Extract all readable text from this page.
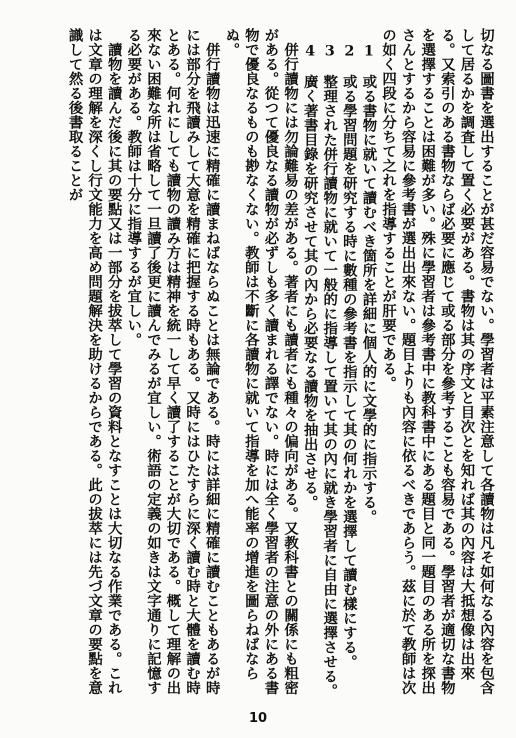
切なる圖書を選出することが甚だ容易でない。學習者は平素注意して各讀物は凡そ如何なる內容を包含して居るかを調査して置く必要がある。書物は其の序文と目次とを知れば其の內容は大抵想像は出來る。又索引のある書物ならば必要に應じて或る部分を參考することも容易である。學習者が適切な書物を選擇することは困難が多い。殊に學習者は參考書中に教科書中にある題目と同一題目のある所を探出さんとするから容易に參考書が選出出來ない。題目よりも內容に依るべきであらう。茲に於て教師は次の如く四段に分ちて之れを指導することが肝要である。

　1　或る書物に就いて讀むべき箇所を詳細に個人的に文學的に指示する。

　2　或る學習問題を研究する時に數種の參考書を指示して其の何れかを選擇して讀む樣にする。

　3　整理された併行讀物に就いて一般的に指導して置いて其の內に就き學習者に自由に選擇させる。

　4　廣く著書目錄を研究させて其の內から必要なる讀物を抽出させる。

　併行讀物には勿論難易の差がある。著者にも讀者にも種々の偏向がある。又教科書との關係にも粗密がある。從つて優良なる讀物が必ずしも多く讀まれる譯でない。時には全く學習者の注意の外にある書物で優良なるものも尠なくない。教師は不斷に各讀物に就いて指導を加へ能率の增進を圖らねばならぬ。

　併行讀物は迅速に精確に讀まねばならぬことは無論である。時には詳細に精確に讀むこともあるが時には部分を飛讀みして大意を精確に把握する時もある。又時にはひたすらに深く讀む時と大體を讀む時とある。何れにしても讀物の讀み方は精神を統一して早く讀了することが大切である。概して理解の出來ない困難な所は省略して一旦讀了後更に讀んでみるが宜しい。術語の定義の如きは文字通りに記憶する必要がある。教師は十分に指導するが宜しい。

　讀物を讀んだ後に其の要點又は一部分を拔萃して學習の資料となすことは大切なる作業である。これは文章の理解を深くし行文能力を高め問題解決を助けるからである。此の拔萃には先づ文章の要點を意識して然る後書取ることが

10
